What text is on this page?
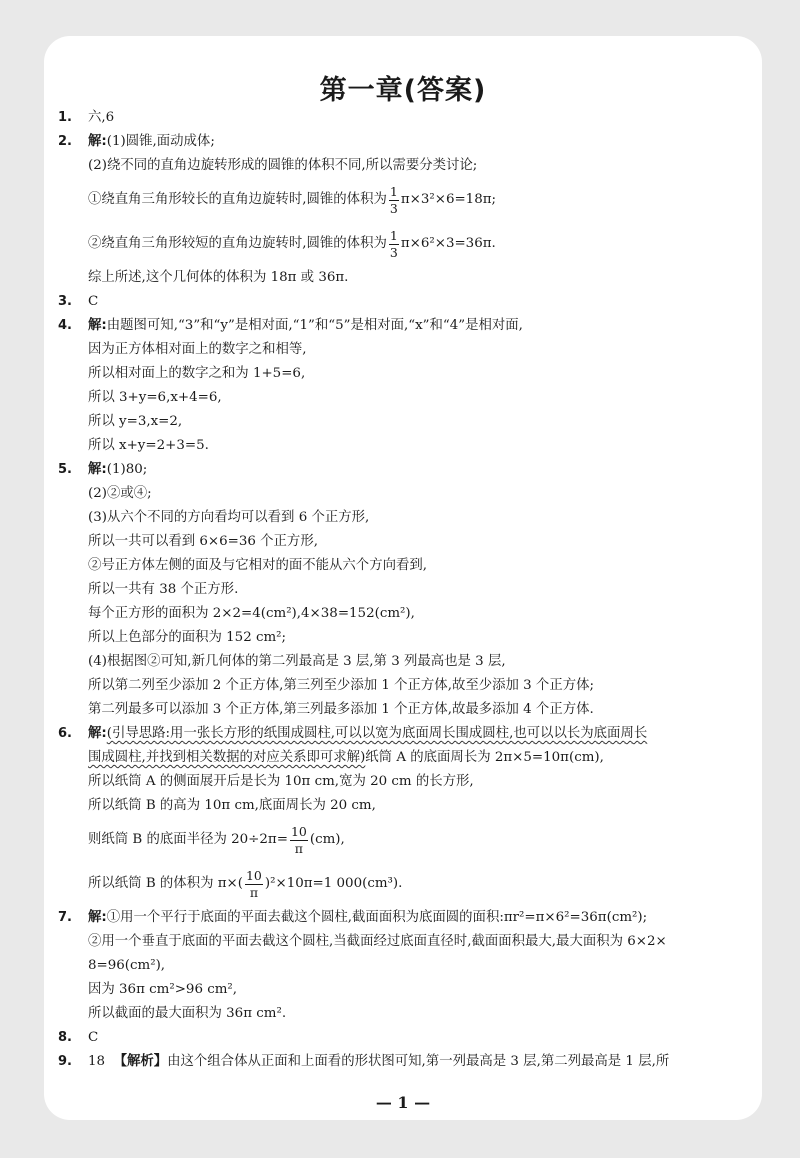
第一章(答案)
1. 六,6
2. 解:(1)圆锥,面动成体;
(2)绕不同的直角边旋转形成的圆锥的体积不同,所以需要分类讨论;
①绕直角三角形较长的直角边旋转时,圆锥的体积为 $\frac{1}{3} \pi\times 3^2\times 6=18\pi$;
②绕直角三角形较短的直角边旋转时,圆锥的体积为 $\frac{1}{3} \pi\times 6^2\times 3=36\pi$.
综上所述,这个几何体的体积为 18π 或 36π.
3. C
4. 解:由题图可知,“3”和“y”是相对面,“1”和“5”是相对面,“x”和“4”是相对面,
因为正方体相对面上的数字之和相等,
所以相对面上的数字之和为 1+5=6,
所以 3+y=6,x+4=6,
所以 y=3,x=2,
所以 x+y=2+3=5.
5. 解:(1)80;
(2)②或④;
(3)从六个不同的方向看均可以看到 6 个正方形,
所以一共可以看到 6×6=36 个正方形,
②号正方体左侧的面及与它相对的面不能从六个方向看到,
所以一共有 38 个正方形.
每个正方形的面积为 2×2=4(cm²),4×38=152(cm²),
所以上色部分的面积为 152 cm²;
(4)根据图②可知,新几何体的第二列最高是 3 层,第 3 列最高也是 3 层,
所以第二列至少添加 2 个正方体,第三列至少添加 1 个正方体,故至少添加 3 个正方体;
第二列最多可以添加 3 个正方体,第三列最多添加 1 个正方体,故最多添加 4 个正方体.
6. 解:(引导思路:用一张长方形的纸围成圆柱,可以以宽为底面周长围成圆柱,也可以以长为底面周长
围成圆柱,并找到相关数据的对应关系即可求解)纸筒 A 的底面周长为 2π×5=10π(cm),
所以纸筒 A 的侧面展开后是长为 10π cm,宽为 20 cm 的长方形,
所以纸筒 B 的高为 10π cm,底面周长为 20 cm,
则纸筒 B 的底面半径为 $20\div 2\pi= \frac{10}{\pi} (cm)$,
所以纸筒 B 的体积为 $\pi\times( \frac{10}{\pi} )^2\times 10\pi=1$ 000(cm³).
7. 解:①用一个平行于底面的平面去截这个圆柱,截面面积为底面圆的面积:πr²=π×6²=36π(cm²);
②用一个垂直于底面的平面去截这个圆柱,当截面经过底面直径时,截面面积最大,最大面积为 6×2×
8=96(cm²),
因为 36π cm²>96 cm²,
所以截面的最大面积为 36π cm².
8. C
9. 18 【解析】由这个组合体从正面和上面看的形状图可知,第一列最高是 3 层,第二列最高是 1 层,所
— 1 —
